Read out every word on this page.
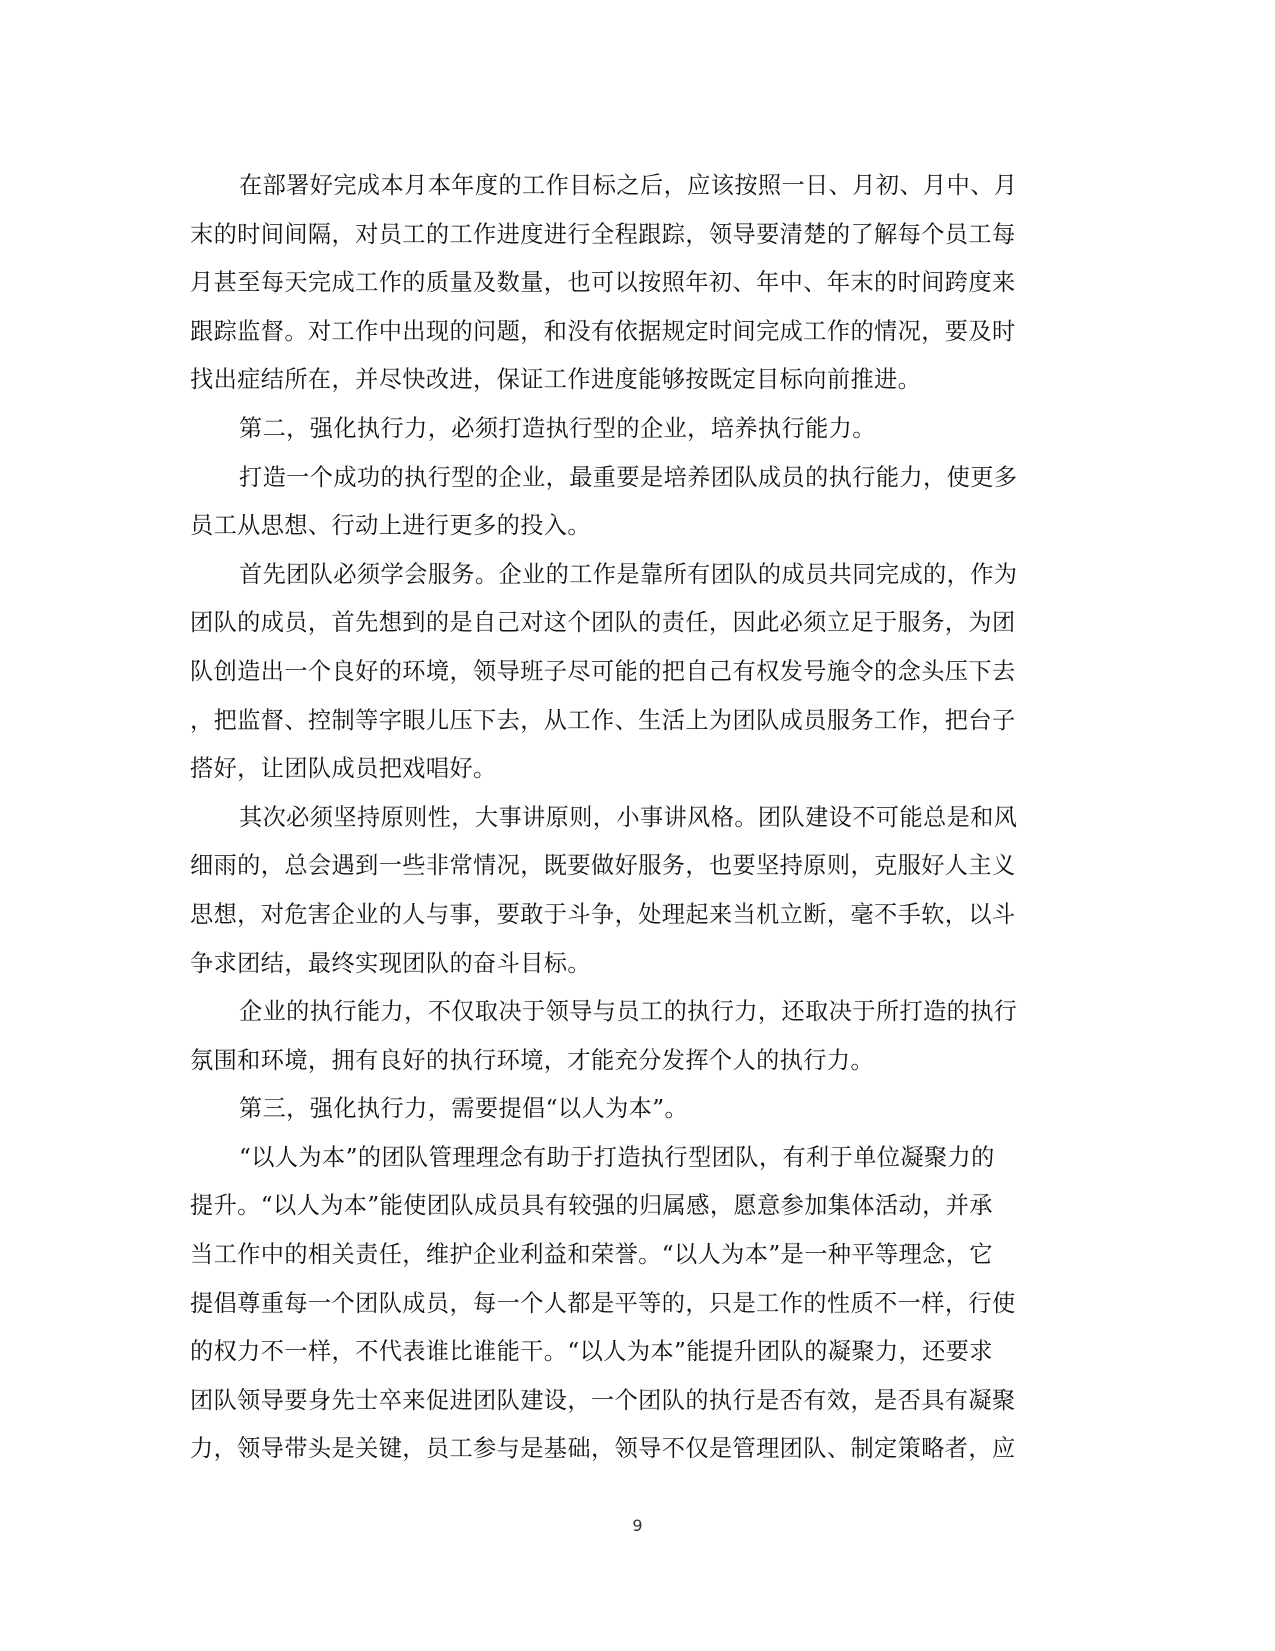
在部署好完成本月本年度的工作目标之后，应该按照一日、月初、月中、月
末的时间间隔，对员工的工作进度进行全程跟踪，领导要清楚的了解每个员工每
月甚至每天完成工作的质量及数量，也可以按照年初、年中、年末的时间跨度来
跟踪监督。对工作中出现的问题，和没有依据规定时间完成工作的情况，要及时
找出症结所在，并尽快改进，保证工作进度能够按既定目标向前推进。
第二，强化执行力，必须打造执行型的企业，培养执行能力。
打造一个成功的执行型的企业，最重要是培养团队成员的执行能力，使更多
员工从思想、行动上进行更多的投入。
首先团队必须学会服务。企业的工作是靠所有团队的成员共同完成的，作为
团队的成员，首先想到的是自己对这个团队的责任，因此必须立足于服务，为团
队创造出一个良好的环境，领导班子尽可能的把自己有权发号施令的念头压下去
，把监督、控制等字眼儿压下去，从工作、生活上为团队成员服务工作，把台子
搭好，让团队成员把戏唱好。
其次必须坚持原则性，大事讲原则，小事讲风格。团队建设不可能总是和风
细雨的，总会遇到一些非常情况，既要做好服务，也要坚持原则，克服好人主义
思想，对危害企业的人与事，要敢于斗争，处理起来当机立断，毫不手软，以斗
争求团结，最终实现团队的奋斗目标。
企业的执行能力，不仅取决于领导与员工的执行力，还取决于所打造的执行
氛围和环境，拥有良好的执行环境，才能充分发挥个人的执行力。
第三，强化执行力，需要提倡“以人为本”。
“以人为本”的团队管理理念有助于打造执行型团队，有利于单位凝聚力的
提升。“以人为本”能使团队成员具有较强的归属感，愿意参加集体活动，并承
当工作中的相关责任，维护企业利益和荣誉。“以人为本”是一种平等理念，它
提倡尊重每一个团队成员，每一个人都是平等的，只是工作的性质不一样，行使
的权力不一样，不代表谁比谁能干。“以人为本”能提升团队的凝聚力，还要求
团队领导要身先士卒来促进团队建设，一个团队的执行是否有效，是否具有凝聚
力，领导带头是关键，员工参与是基础，领导不仅是管理团队、制定策略者，应
9
